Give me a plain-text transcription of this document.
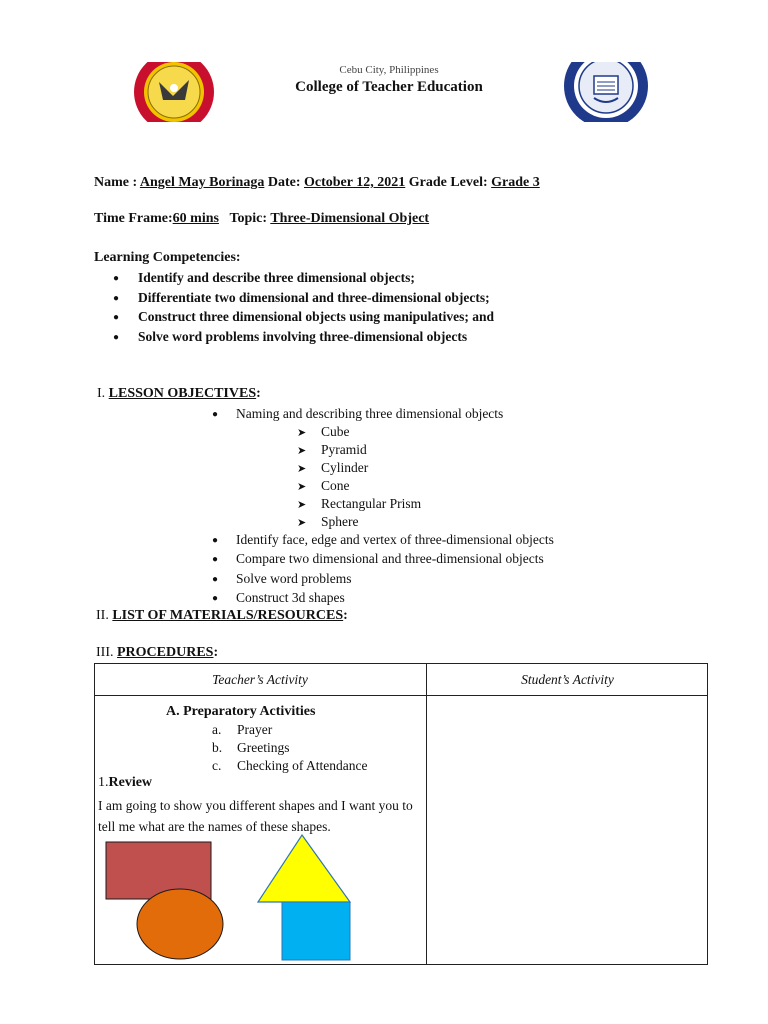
Cebu City, Philippines
College of Teacher Education
Name : Angel May Borinaga Date: October 12, 2021 Grade Level: Grade 3
Time Frame:60 mins Topic: Three-Dimensional Object
Learning Competencies:
● Identify and describe three dimensional objects;
● Differentiate two dimensional and three-dimensional objects;
● Construct three dimensional objects using manipulatives; and
● Solve word problems involving three-dimensional objects
I. LESSON OBJECTIVES:
● Naming and describing three dimensional objects
➤ Cube
➤ Pyramid
➤ Cylinder
➤ Cone
➤ Rectangular Prism
➤ Sphere
● Identify face, edge and vertex of three-dimensional objects
● Compare two dimensional and three-dimensional objects
● Solve word problems
● Construct 3d shapes
II. LIST OF MATERIALS/RESOURCES:
III. PROCEDURES:
Teacher’s Activity	Student’s Activity
A. Preparatory Activities
a. Prayer
b. Greetings
c. Checking of Attendance
1.Review
I am going to show you different shapes and I want you to tell me what are the names of these shapes.
